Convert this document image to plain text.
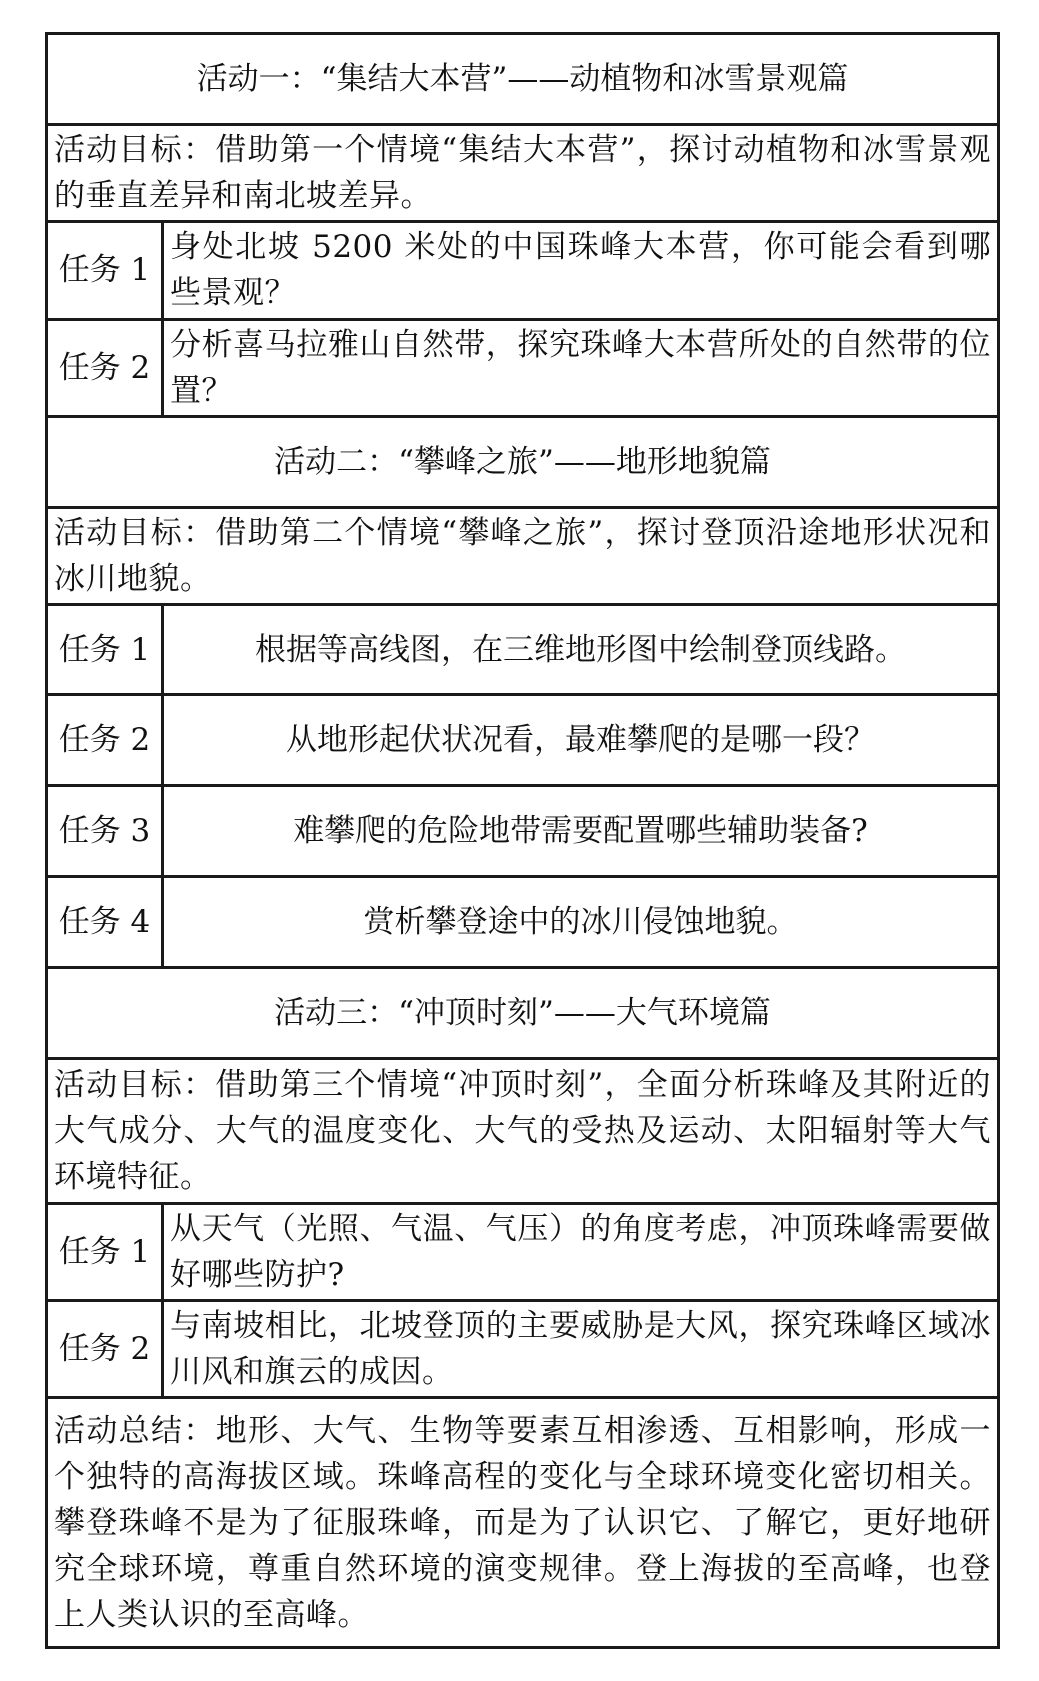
活动一：“集结大本营”——动植物和冰雪景观篇	
活动目标：借助第一个情境“集结大本营”，探讨动植物和冰雪景观的垂直差异和南北坡差异。	
任务 1	身处北坡 5200 米处的中国珠峰大本营，你可能会看到哪些景观？
任务 2	分析喜马拉雅山自然带，探究珠峰大本营所处的自然带的位置？
活动二：“攀峰之旅”——地形地貌篇	
活动目标：借助第二个情境“攀峰之旅”，探讨登顶沿途地形状况和冰川地貌。	
任务 1	根据等高线图，在三维地形图中绘制登顶线路。
任务 2	从地形起伏状况看，最难攀爬的是哪一段？
任务 3	难攀爬的危险地带需要配置哪些辅助装备?
任务 4	赏析攀登途中的冰川侵蚀地貌。
活动三：“冲顶时刻”——大气环境篇	
活动目标：借助第三个情境“冲顶时刻”，全面分析珠峰及其附近的大气成分、大气的温度变化、大气的受热及运动、太阳辐射等大气环境特征。	
任务 1	从天气（光照、气温、气压）的角度考虑，冲顶珠峰需要做好哪些防护?
任务 2	与南坡相比，北坡登顶的主要威胁是大风，探究珠峰区域冰川风和旗云的成因。
活动总结：地形、大气、生物等要素互相渗透、互相影响，形成一个独特的高海拔区域。珠峰高程的变化与全球环境变化密切相关。攀登珠峰不是为了征服珠峰，而是为了认识它、了解它，更好地研究全球环境，尊重自然环境的演变规律。登上海拔的至高峰，也登上人类认识的至高峰。	
